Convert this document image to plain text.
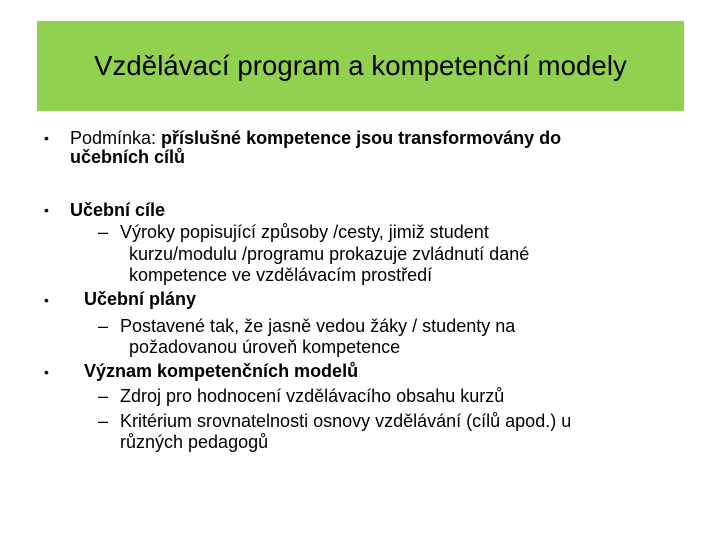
Vzdělávací program a kompetenční modely
• Podmínka: příslušné kompetence jsou transformovány do
učebních cílů
• Učební cíle
– Výroky popisující způsoby /cesty, jimiž student
kurzu/modulu /programu prokazuje zvládnutí dané
kompetence ve vzdělávacím prostředí
• Učební plány
– Postavené tak, že jasně vedou žáky / studenty na
požadovanou úroveň kompetence
• Význam kompetenčních modelů
– Zdroj pro hodnocení vzdělávacího obsahu kurzů
– Kritérium srovnatelnosti osnovy vzdělávání (cílů apod.) u
různých pedagogů
